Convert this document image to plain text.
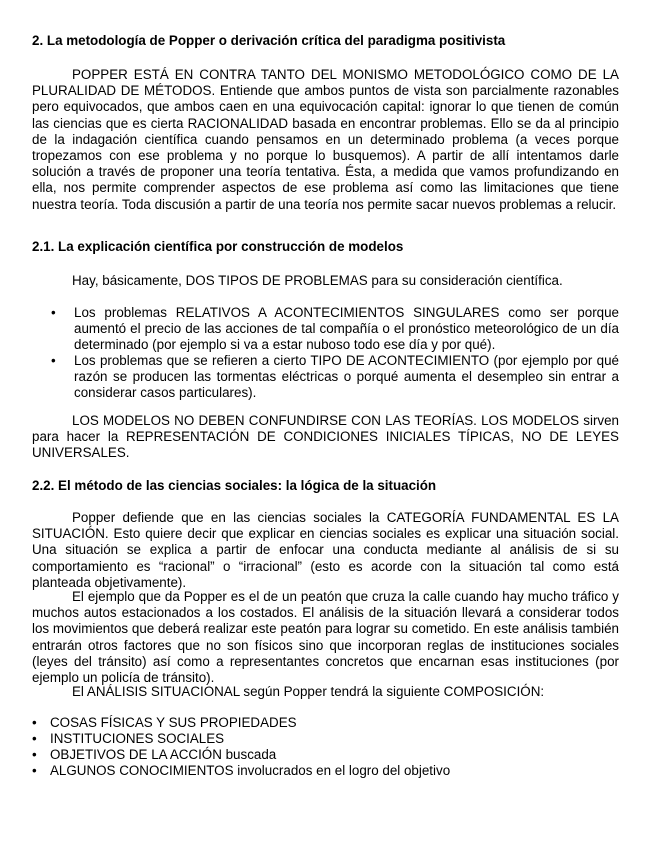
2. La metodología de Popper o derivación crítica del paradigma positivista
POPPER ESTÁ EN CONTRA TANTO DEL MONISMO METODOLÓGICO COMO DE LA PLURALIDAD DE MÉTODOS. Entiende que ambos puntos de vista son parcialmente razonables pero equivocados, que ambos caen en una equivocación capital: ignorar lo que tienen de común las ciencias que es cierta RACIONALIDAD basada en encontrar problemas. Ello se da al principio de la indagación científica cuando pensamos en un determinado problema (a veces porque tropezamos con ese problema y no porque lo busquemos). A partir de allí intentamos darle solución a través de proponer una teoría tentativa. Ésta, a medida que vamos profundizando en ella, nos permite comprender aspectos de ese problema así como las limitaciones que tiene nuestra teoría. Toda discusión a partir de una teoría nos permite sacar nuevos problemas a relucir.
2.1. La explicación científica por construcción de modelos
Hay, básicamente, DOS TIPOS DE PROBLEMAS para su consideración científica.
• Los problemas RELATIVOS A ACONTECIMIENTOS SINGULARES como ser porque aumentó el precio de las acciones de tal compañía o el pronóstico meteorológico de un día determinado (por ejemplo si va a estar nuboso todo ese día y por qué).
• Los problemas que se refieren a cierto TIPO DE ACONTECIMIENTO (por ejemplo por qué razón se producen las tormentas eléctricas o porqué aumenta el desempleo sin entrar a considerar casos particulares).
LOS MODELOS NO DEBEN CONFUNDIRSE CON LAS TEORÍAS. LOS MODELOS sirven para hacer la REPRESENTACIÓN DE CONDICIONES INICIALES TÍPICAS, NO DE LEYES UNIVERSALES.
2.2. El método de las ciencias sociales: la lógica de la situación
Popper defiende que en las ciencias sociales la CATEGORÍA FUNDAMENTAL ES LA SITUACIÓN. Esto quiere decir que explicar en ciencias sociales es explicar una situación social. Una situación se explica a partir de enfocar una conducta mediante al análisis de si su comportamiento es “racional” o “irracional” (esto es acorde con la situación tal como está planteada objetivamente).
El ejemplo que da Popper es el de un peatón que cruza la calle cuando hay mucho tráfico y muchos autos estacionados a los costados. El análisis de la situación llevará a considerar todos los movimientos que deberá realizar este peatón para lograr su cometido. En este análisis también entrarán otros factores que no son físicos sino que incorporan reglas de instituciones sociales (leyes del tránsito) así como a representantes concretos que encarnan esas instituciones (por ejemplo un policía de tránsito).
El ANÁLISIS SITUACIONAL según Popper tendrá la siguiente COMPOSICIÓN:
• COSAS FÍSICAS Y SUS PROPIEDADES
• INSTITUCIONES SOCIALES
• OBJETIVOS DE LA ACCIÓN buscada
• ALGUNOS CONOCIMIENTOS involucrados en el logro del objetivo
